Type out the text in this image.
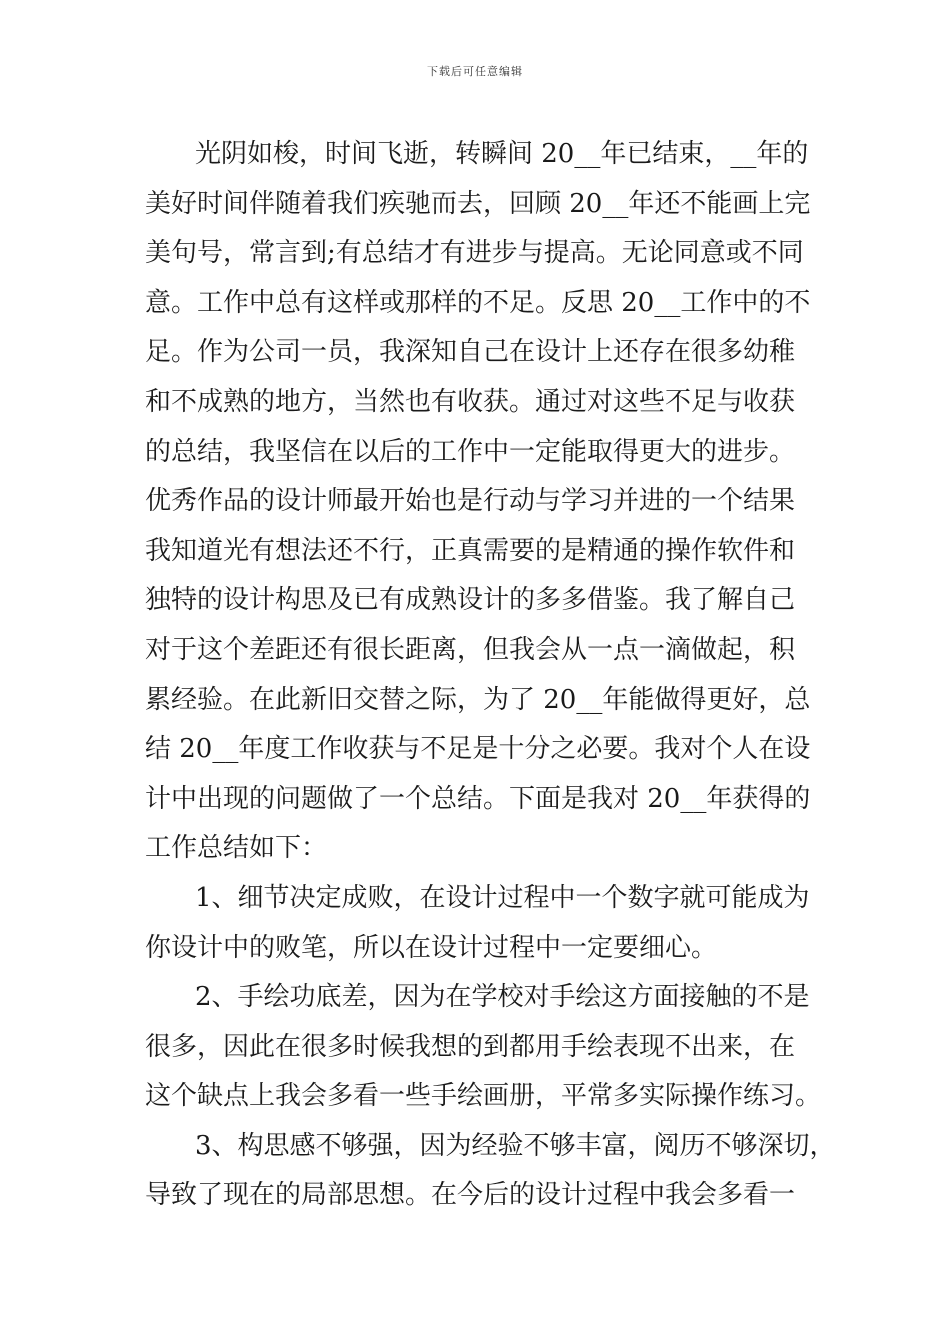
下载后可任意编辑
光阴如梭，时间飞逝，转瞬间 20__年已结束，__年的
美好时间伴随着我们疾驰而去，回顾 20__年还不能画上完
美句号，常言到;有总结才有进步与提高。无论同意或不同
意。工作中总有这样或那样的不足。反思 20__工作中的不
足。作为公司一员，我深知自己在设计上还存在很多幼稚
和不成熟的地方，当然也有收获。通过对这些不足与收获
的总结，我坚信在以后的工作中一定能取得更大的进步。
优秀作品的设计师最开始也是行动与学习并进的一个结果
我知道光有想法还不行，正真需要的是精通的操作软件和
独特的设计构思及已有成熟设计的多多借鉴。我了解自己
对于这个差距还有很长距离，但我会从一点一滴做起，积
累经验。在此新旧交替之际，为了 20__年能做得更好，总
结 20__年度工作收获与不足是十分之必要。我对个人在设
计中出现的问题做了一个总结。下面是我对 20__年获得的
工作总结如下：
1、细节决定成败，在设计过程中一个数字就可能成为
你设计中的败笔，所以在设计过程中一定要细心。
2、手绘功底差，因为在学校对手绘这方面接触的不是
很多，因此在很多时候我想的到都用手绘表现不出来，在
这个缺点上我会多看一些手绘画册，平常多实际操作练习。
3、构思感不够强，因为经验不够丰富，阅历不够深切，
导致了现在的局部思想。在今后的设计过程中我会多看一
